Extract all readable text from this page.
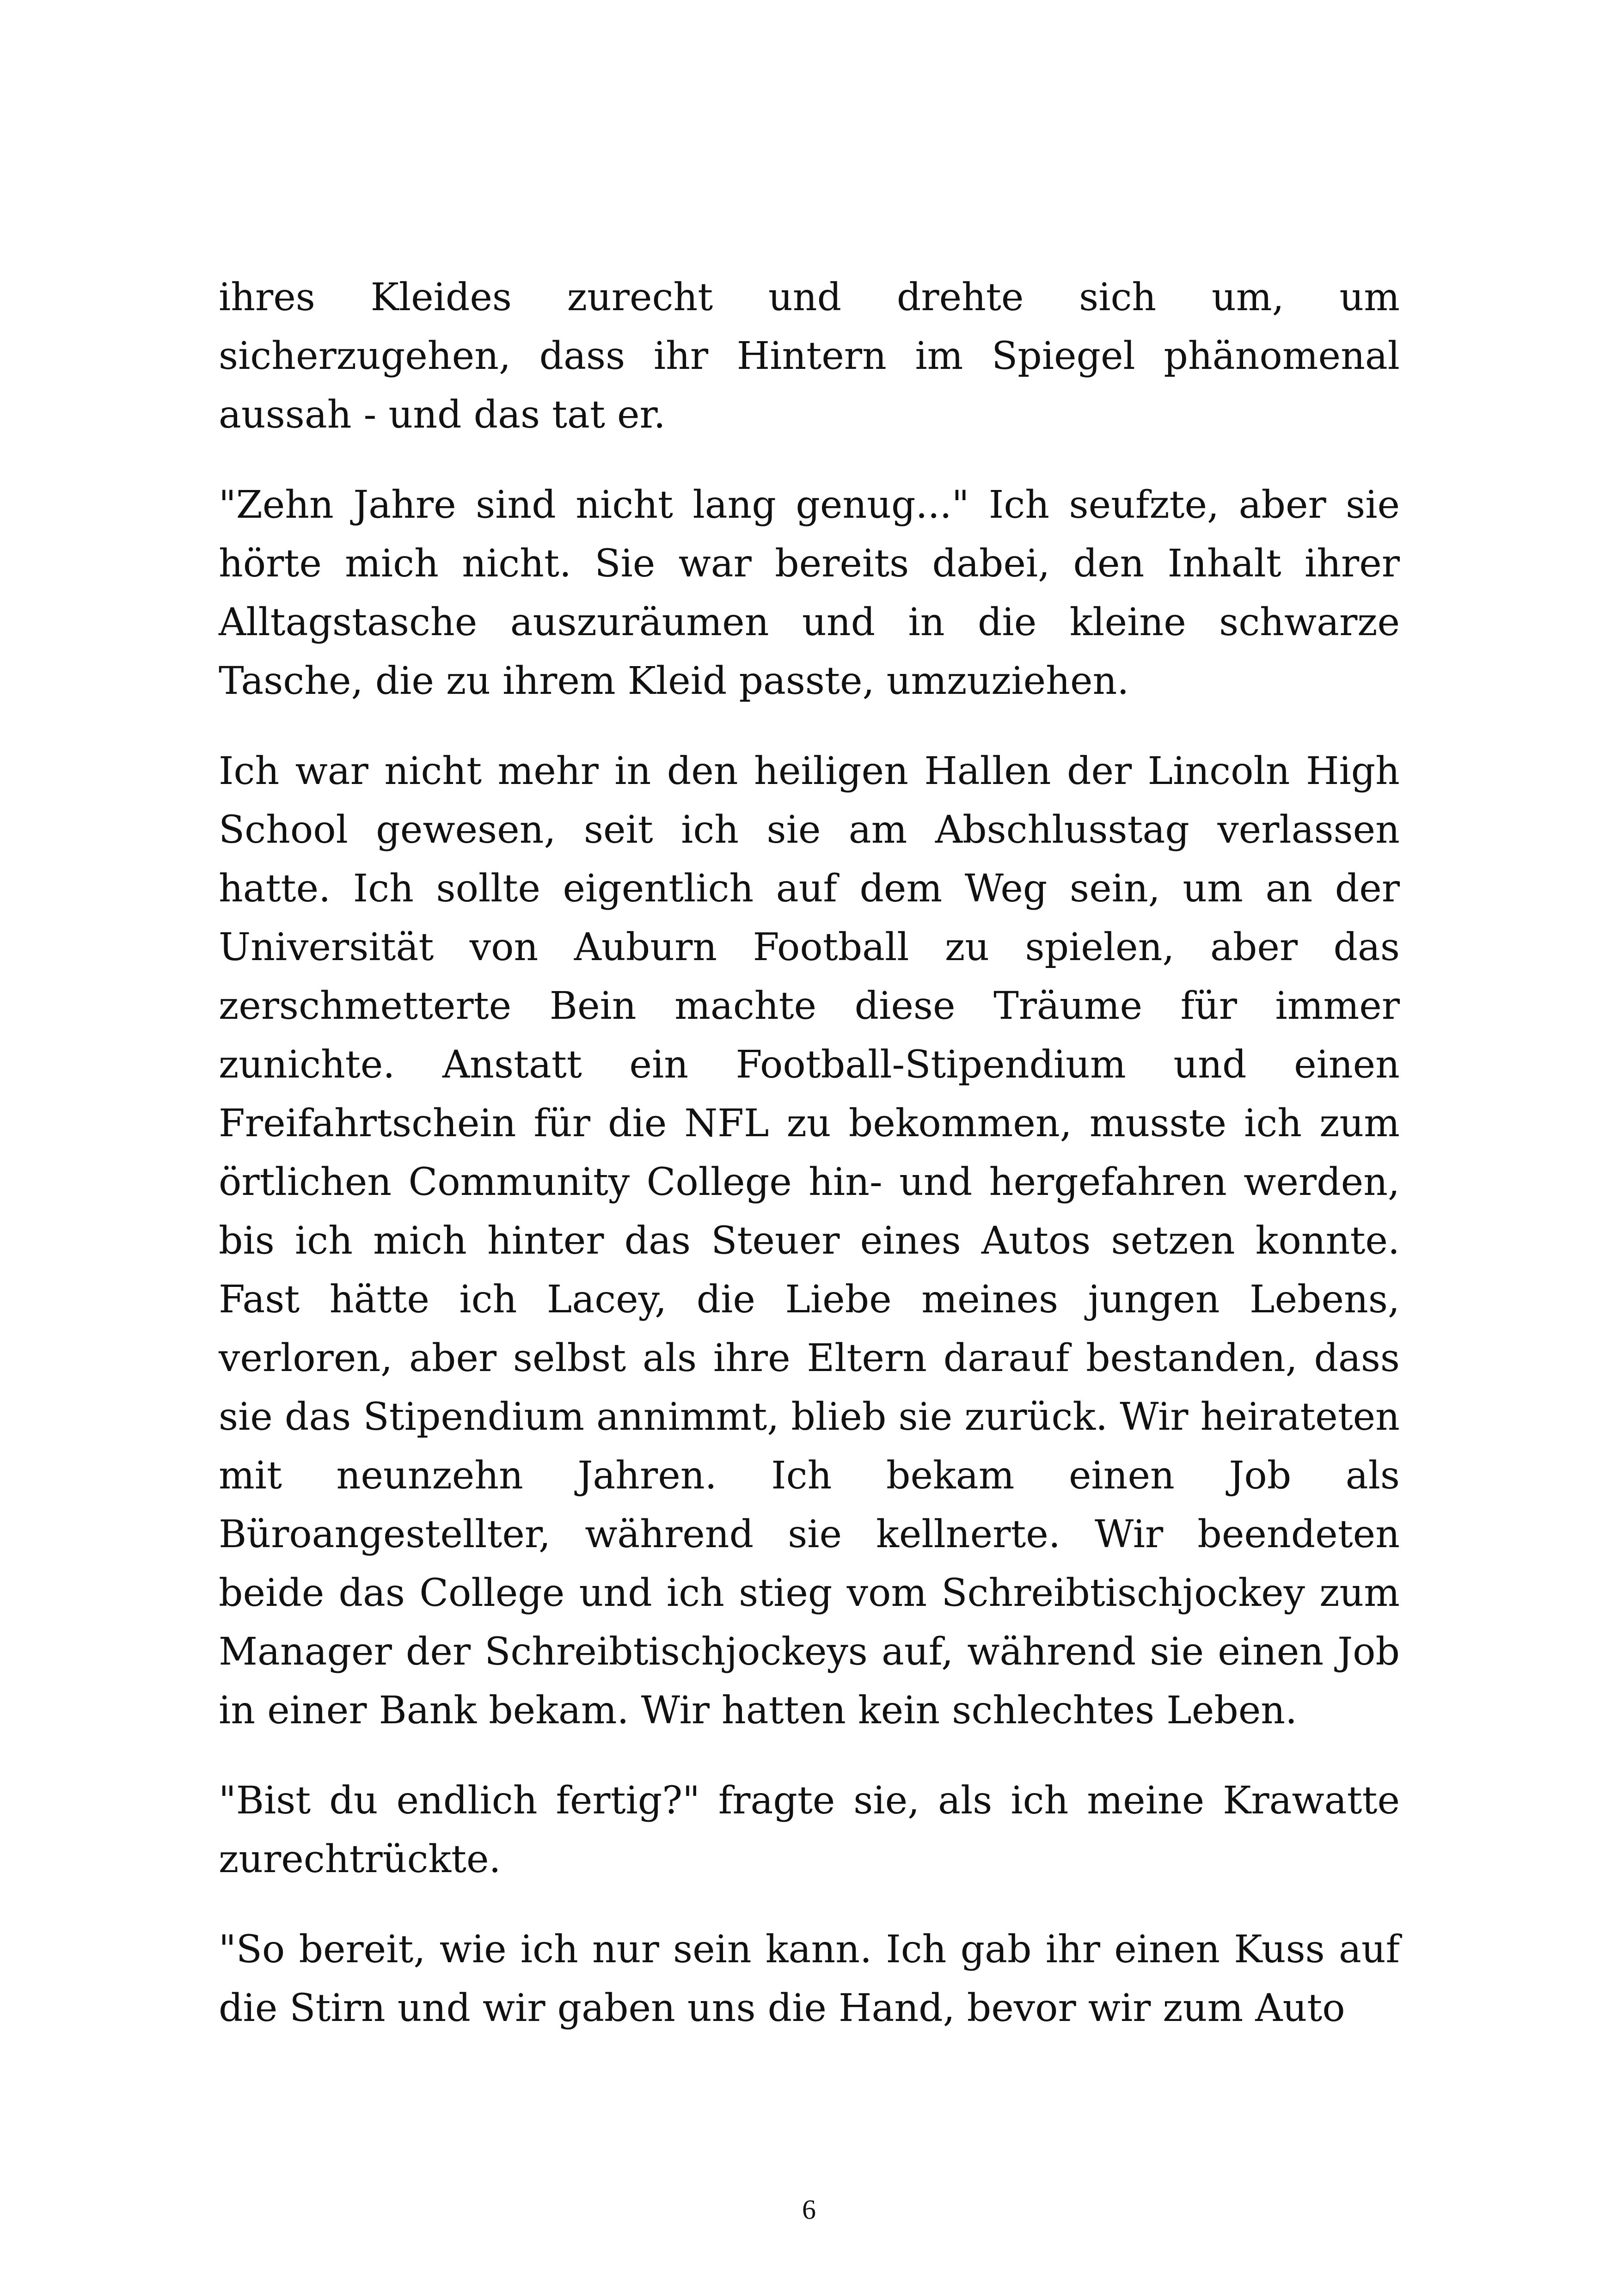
ihres Kleides zurecht und drehte sich um, um sicherzugehen, dass ihr Hintern im Spiegel phänomenal aussah - und das tat er.

"Zehn Jahre sind nicht lang genug..." Ich seufzte, aber sie hörte mich nicht. Sie war bereits dabei, den Inhalt ihrer Alltagstasche auszuräumen und in die kleine schwarze Tasche, die zu ihrem Kleid passte, umzuziehen.

Ich war nicht mehr in den heiligen Hallen der Lincoln High School gewesen, seit ich sie am Abschlusstag verlassen hatte. Ich sollte eigentlich auf dem Weg sein, um an der Universität von Auburn Football zu spielen, aber das zerschmetterte Bein machte diese Träume für immer zunichte. Anstatt ein Football-Stipendium und einen Freifahrtschein für die NFL zu bekommen, musste ich zum örtlichen Community College hin- und hergefahren werden, bis ich mich hinter das Steuer eines Autos setzen konnte. Fast hätte ich Lacey, die Liebe meines jungen Lebens, verloren, aber selbst als ihre Eltern darauf bestanden, dass sie das Stipendium annimmt, blieb sie zurück. Wir heirateten mit neunzehn Jahren. Ich bekam einen Job als Büroangestellter, während sie kellnerte. Wir beendeten beide das College und ich stieg vom Schreibtischjockey zum Manager der Schreibtischjockeys auf, während sie einen Job in einer Bank bekam. Wir hatten kein schlechtes Leben.

"Bist du endlich fertig?" fragte sie, als ich meine Krawatte zurechtrückte.

"So bereit, wie ich nur sein kann. Ich gab ihr einen Kuss auf die Stirn und wir gaben uns die Hand, bevor wir zum Auto

6
